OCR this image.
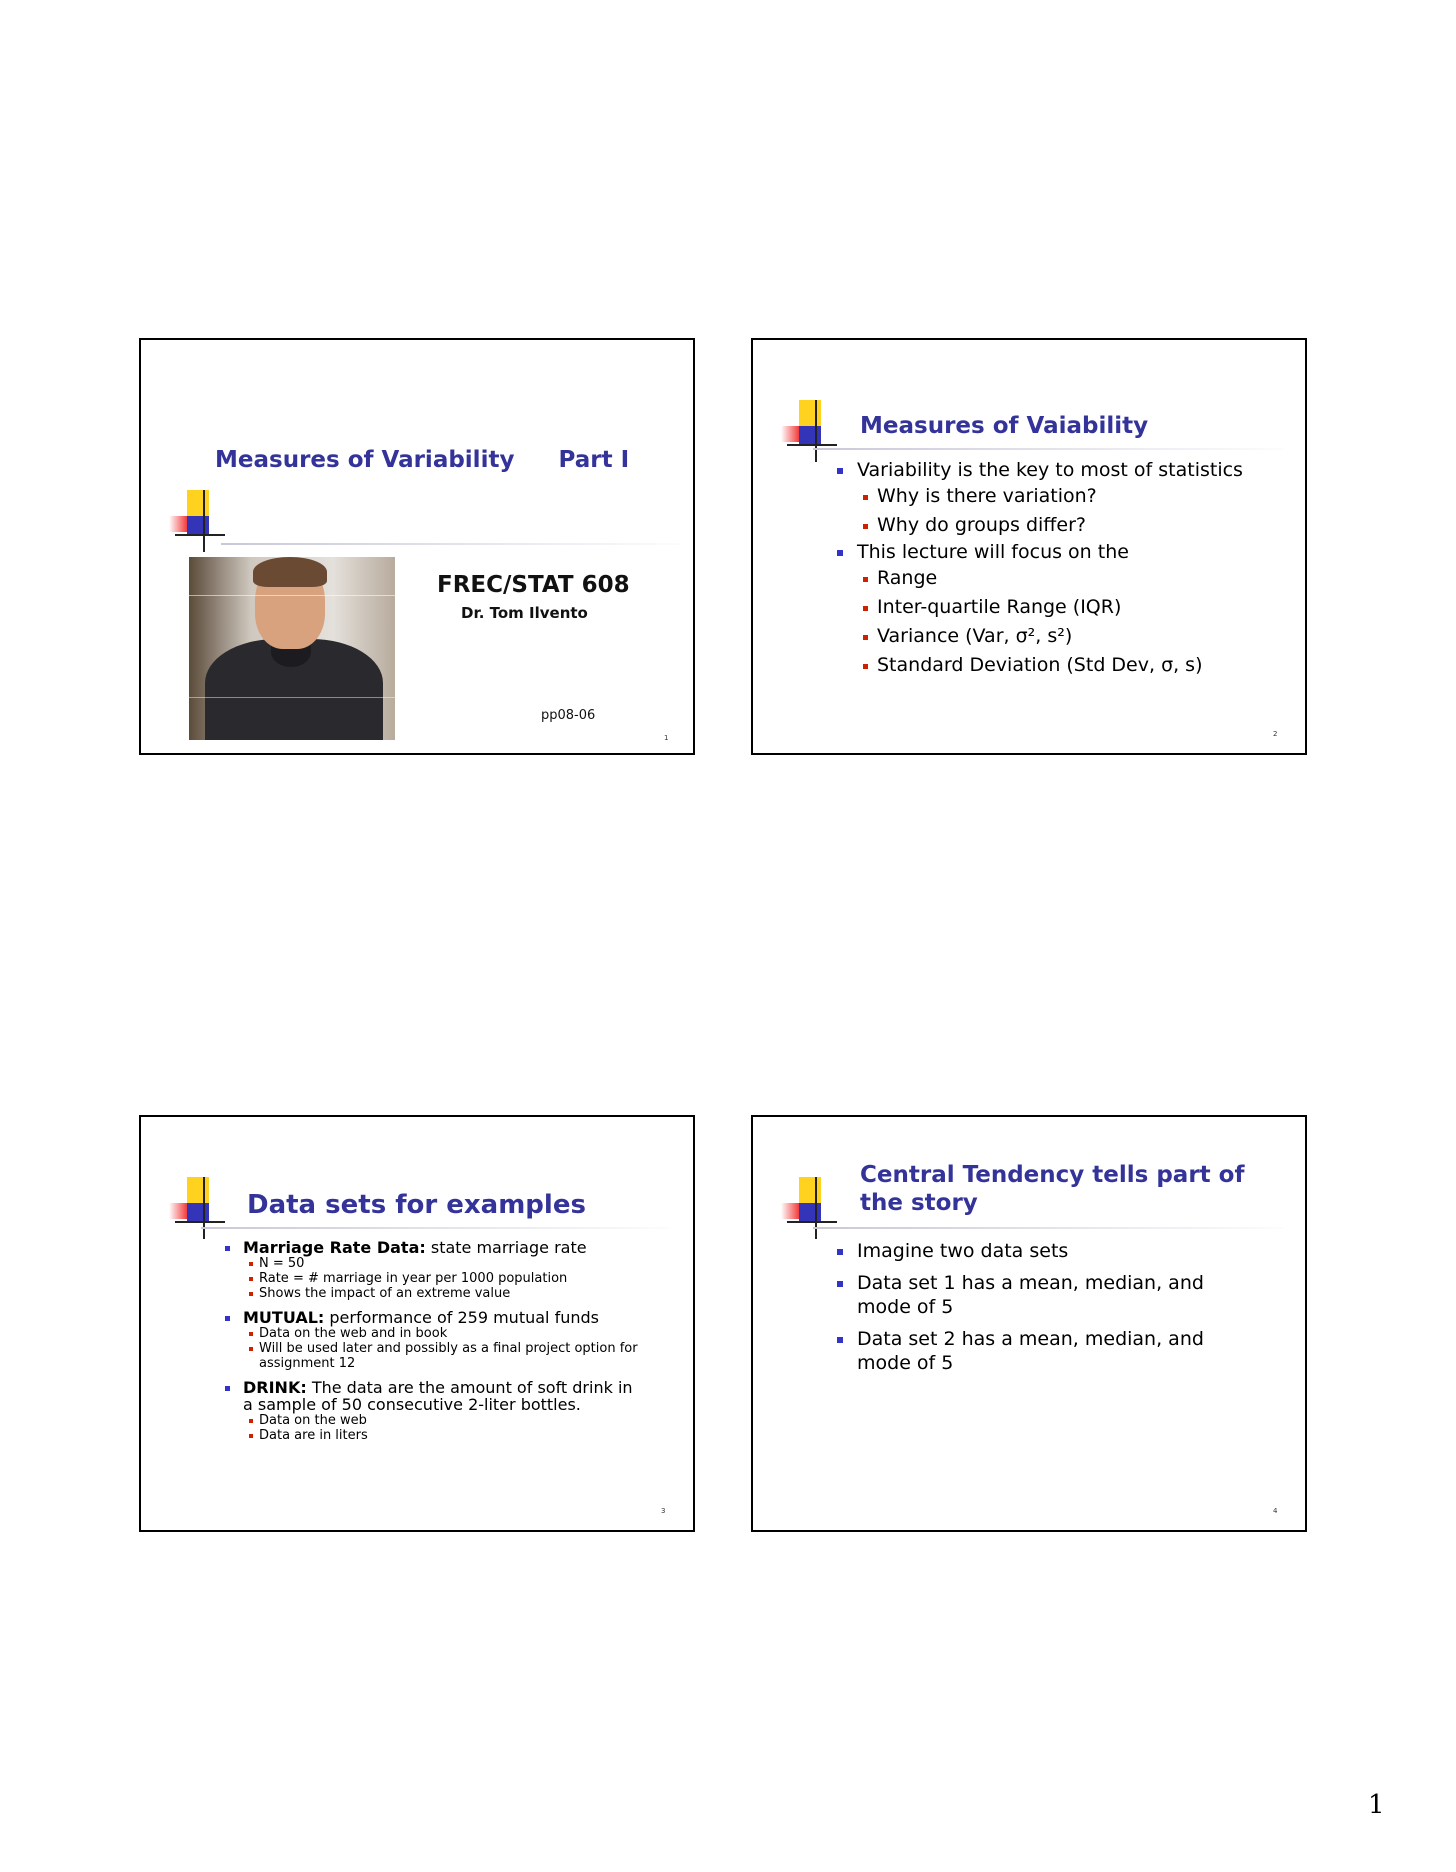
Measures of Variability Part I
FREC/STAT 608
Dr. Tom Ilvento
pp08-06
1
Measures of Vaiability
Variability is the key to most of statistics
Why is there variation?
Why do groups differ?
This lecture will focus on the
Range
Inter-quartile Range (IQR)
Variance (Var, σ², s²)
Standard Deviation (Std Dev, σ, s)
2
Data sets for examples
Marriage Rate Data: state marriage rate
N = 50
Rate = # marriage in year per 1000 population
Shows the impact of an extreme value
MUTUAL: performance of 259 mutual funds
Data on the web and in book
Will be used later and possibly as a final project option for assignment 12
DRINK: The data are the amount of soft drink in a sample of 50 consecutive 2-liter bottles.
Data on the web
Data are in liters
3
Central Tendency tells part of
the story
Imagine two data sets
Data set 1 has a mean, median, and mode of 5
Data set 2 has a mean, median, and mode of 5
4
1
